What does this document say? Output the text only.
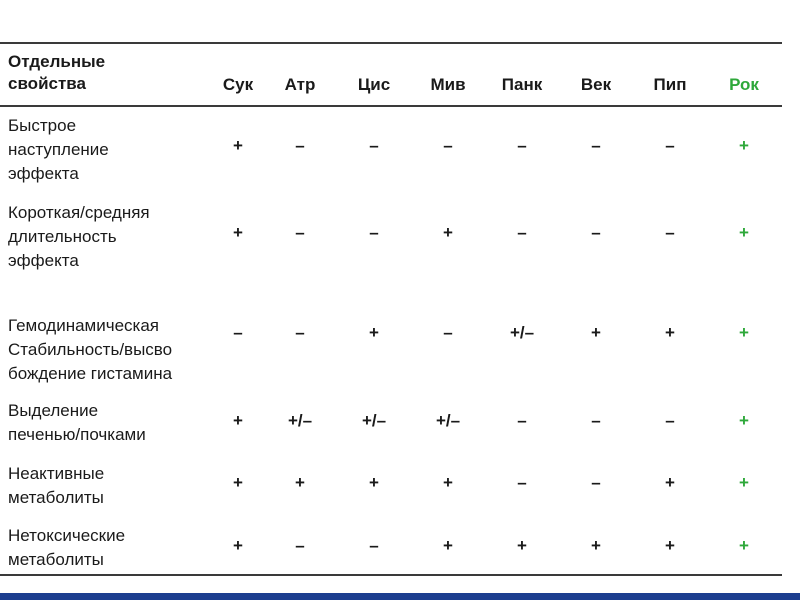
Отдельные
свойства	Сук	Атр	Цис	Мив	Панк	Век	Пип	Рок
Быстрое
наступление
эффекта
+	–	–	–	–	–	–	+
Короткая/средняя
длительность
эффекта
+	–	–	+	–	–	–	+
Гемодинамическая
Стабильность/высво
бождение гистамина
–	–	+	–	+/–	+	+	+
Выделение
печенью/почками
+	+/–	+/–	+/–	–	–	–	+
Неактивные
метаболиты
+	+	+	+	–	–	+	+
Нетоксические
метаболиты
+	–	–	+	+	+	+	+
